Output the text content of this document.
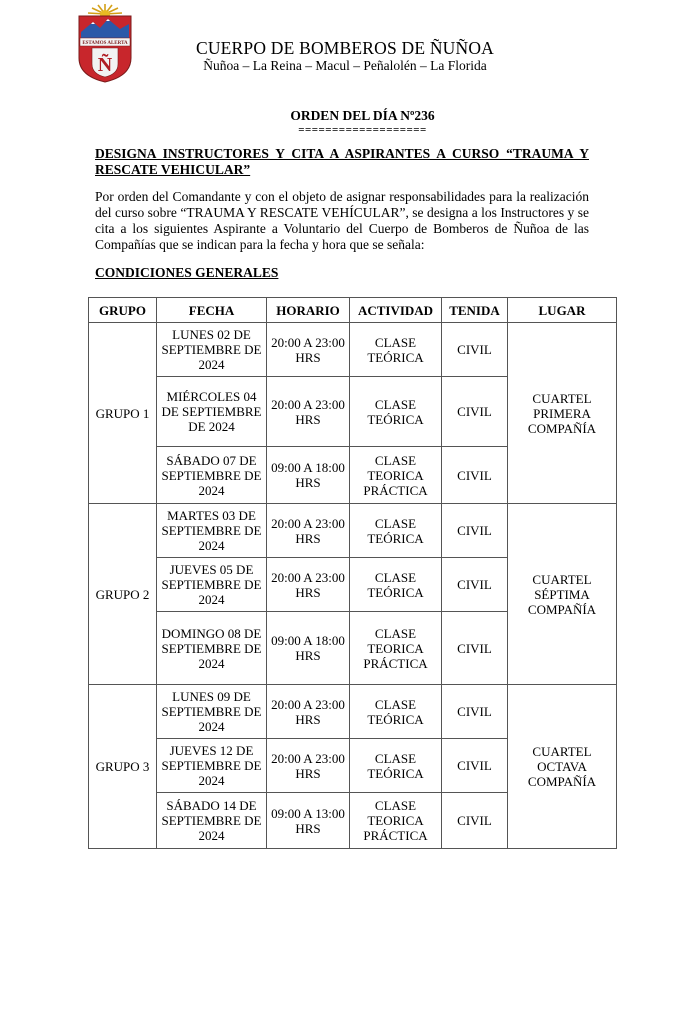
ESTAMOS ALERTA
Ñ
CUERPO DE BOMBEROS DE ÑUÑOA
Ñuñoa – La Reina – Macul – Peñalolén – La Florida
ORDEN DEL DÍA Nº236
===================
DESIGNA INSTRUCTORES Y CITA A ASPIRANTES A CURSO “TRAUMA Y RESCATE VEHICULAR”
Por orden del Comandante y con el objeto de asignar responsabilidades para la realización del curso sobre “TRAUMA Y RESCATE VEHÍCULAR”, se designa a los Instructores y se cita a los siguientes Aspirante a Voluntario del Cuerpo de Bomberos de Ñuñoa de las Compañías que se indican para la fecha y hora que se señala:
CONDICIONES GENERALES
GRUPO	FECHA	HORARIO	ACTIVIDAD	TENIDA	LUGAR
GRUPO 1	LUNES 02 DE SEPTIEMBRE DE 2024	20:00 A 23:00 HRS	CLASE TEÓRICA	CIVIL	CUARTEL PRIMERA COMPAÑÍA
	MIÉRCOLES 04 DE SEPTIEMBRE DE 2024	20:00 A 23:00 HRS	CLASE TEÓRICA	CIVIL	
	SÁBADO 07 DE SEPTIEMBRE DE 2024	09:00 A 18:00 HRS	CLASE TEORICA PRÁCTICA	CIVIL	
GRUPO 2	MARTES 03 DE SEPTIEMBRE DE 2024	20:00 A 23:00 HRS	CLASE TEÓRICA	CIVIL	CUARTEL SÉPTIMA COMPAÑÍA
	JUEVES 05 DE SEPTIEMBRE DE 2024	20:00 A 23:00 HRS	CLASE TEÓRICA	CIVIL	
	DOMINGO 08 DE SEPTIEMBRE DE 2024	09:00 A 18:00 HRS	CLASE TEORICA PRÁCTICA	CIVIL	
GRUPO 3	LUNES 09 DE SEPTIEMBRE DE 2024	20:00 A 23:00 HRS	CLASE TEÓRICA	CIVIL	CUARTEL OCTAVA COMPAÑÍA
	JUEVES 12 DE SEPTIEMBRE DE 2024	20:00 A 23:00 HRS	CLASE TEÓRICA	CIVIL	
	SÁBADO 14 DE SEPTIEMBRE DE 2024	09:00 A 13:00 HRS	CLASE TEORICA PRÁCTICA	CIVIL	
